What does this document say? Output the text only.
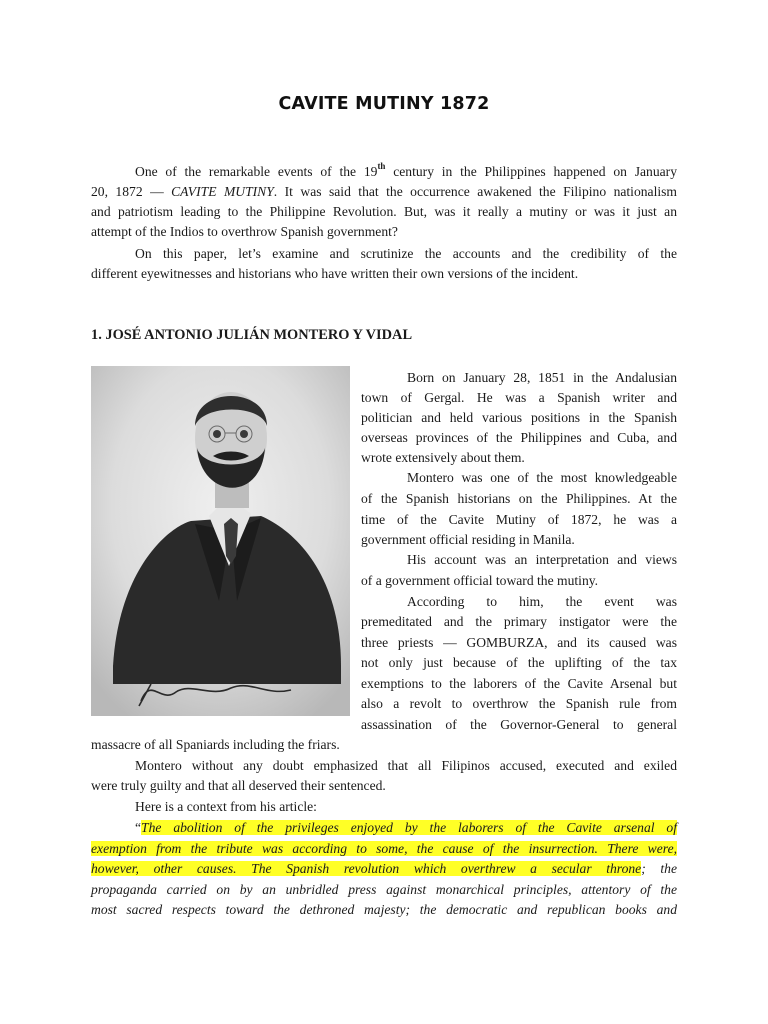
CAVITE MUTINY 1872
One of the remarkable events of the 19th century in the Philippines happened on January
20, 1872 — CAVITE MUTINY. It was said that the occurrence awakened the Filipino nationalism
and patriotism leading to the Philippine Revolution. But, was it really a mutiny or was it just an
attempt of the Indios to overthrow Spanish government?
On this paper, let’s examine and scrutinize the accounts and the credibility of the
different eyewitnesses and historians who have written their own versions of the incident.
1. JOSÉ ANTONIO JULIÁN MONTERO Y VIDAL
Born on January 28, 1851 in the Andalusian
town of Gergal. He was a Spanish writer and
politician and held various positions in the Spanish
overseas provinces of the Philippines and Cuba, and
wrote extensively about them.
Montero was one of the most knowledgeable
of the Spanish historians on the Philippines. At the
time of the Cavite Mutiny of 1872, he was a
government official residing in Manila.
His account was an interpretation and views
of a government official toward the mutiny.
According to him, the event was
premeditated and the primary instigator were the
three priests — GOMBURZA, and its caused was
not only just because of the uplifting of the tax
exemptions to the laborers of the Cavite Arsenal but
also a revolt to overthrow the Spanish rule from
assassination of the Governor-General to general
massacre of all Spaniards including the friars.
Montero without any doubt emphasized that all Filipinos accused, executed and exiled
were truly guilty and that all deserved their sentenced.
Here is a context from his article:
“The abolition of the privileges enjoyed by the laborers of the Cavite arsenal of
exemption from the tribute was according to some, the cause of the insurrection. There were,
however, other causes. The Spanish revolution which overthrew a secular throne; the
propaganda carried on by an unbridled press against monarchical principles, attentory of the
most sacred respects toward the dethroned majesty; the democratic and republican books and
